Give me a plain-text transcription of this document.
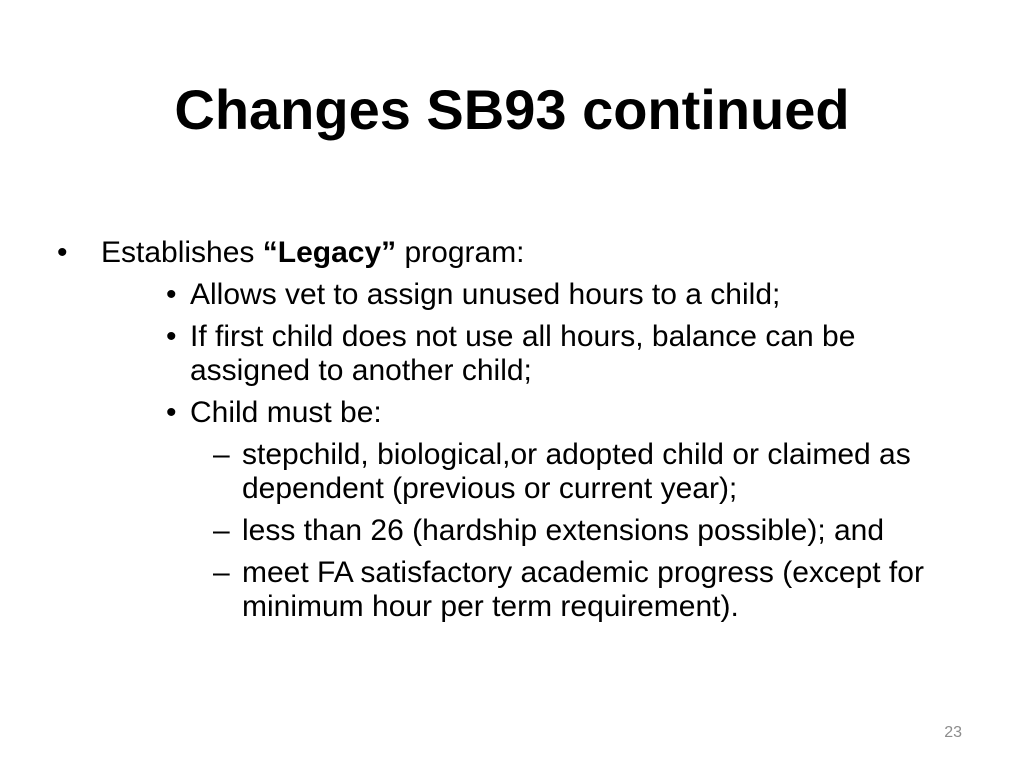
Changes SB93 continued
• Establishes “Legacy” program:
• Allows vet to assign unused hours to a child;
• If first child does not use all hours, balance can be assigned to another child;
• Child must be:
– stepchild, biological,or adopted child or claimed as dependent (previous or current year);
– less than 26 (hardship extensions possible); and
– meet FA satisfactory academic progress (except for minimum hour per term requirement).
23
